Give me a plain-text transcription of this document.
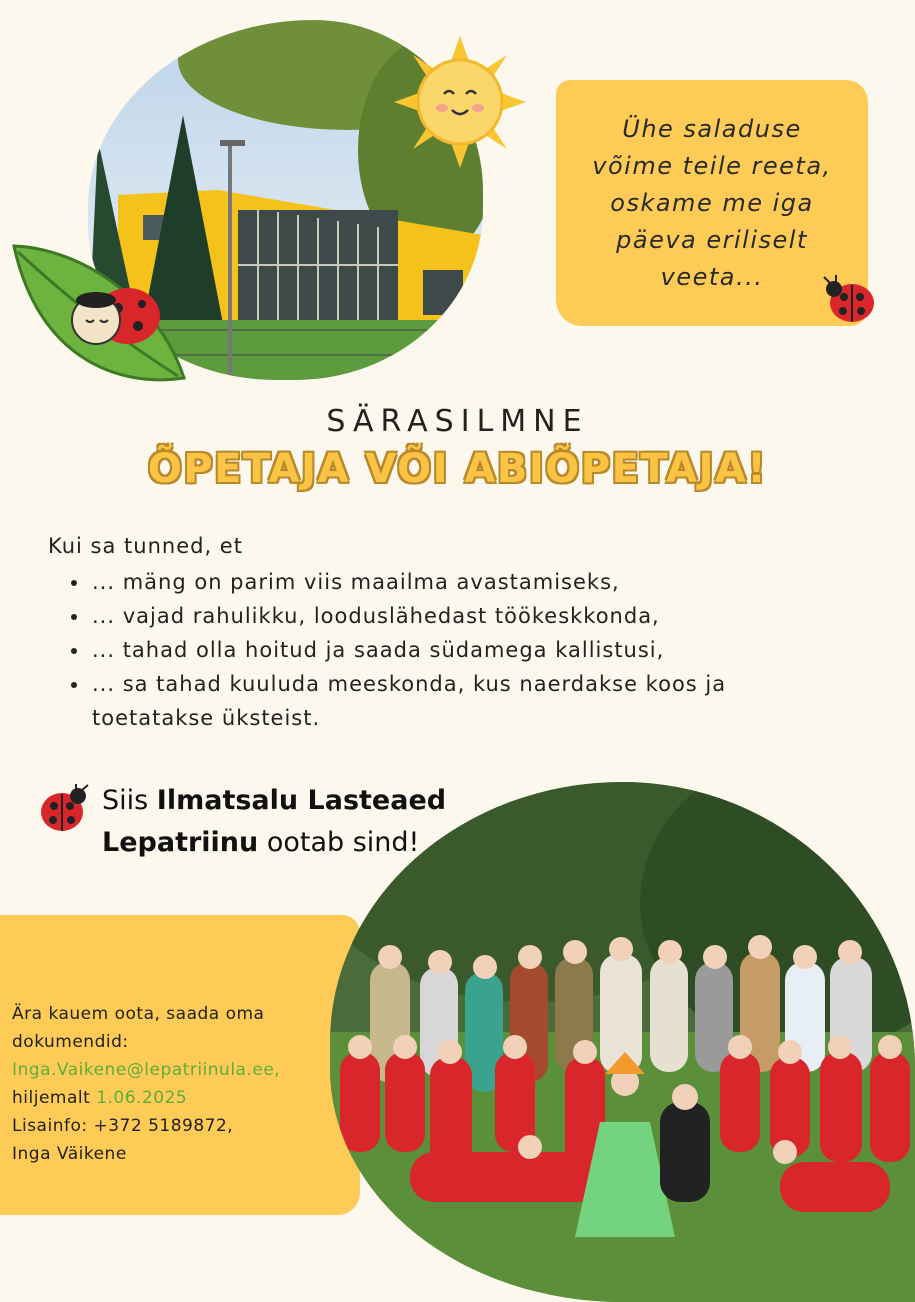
Ühe saladuse
võime teile reeta,
oskame me iga
päeva eriliselt
veeta...
SÄRASILMNE
ÕPETAJA VÕI ABIÕPETAJA!
Kui sa tunned, et
• ... mäng on parim viis maailma avastamiseks,
• ... vajad rahulikku, looduslähedast töökeskkonda,
• ... tahad olla hoitud ja saada südamega kallistusi,
• ... sa tahad kuuluda meeskonda, kus naerdakse koos ja toetatakse üksteist.
Siis Ilmatsalu Lasteaed Lepatriinu ootab sind!
Ära kauem oota, saada oma dokumendid:
Inga.Vaikene@lepatriinula.ee,
hiljemalt 1.06.2025
Lisainfo: +372 5189872,
Inga Väikene
